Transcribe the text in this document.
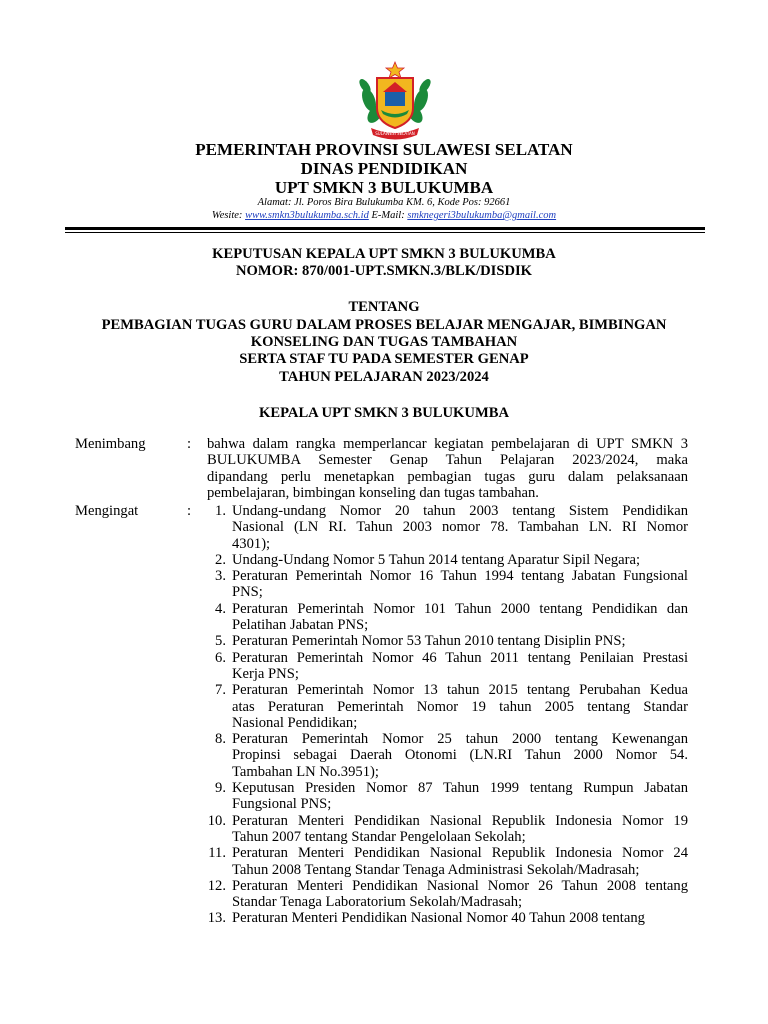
SULAWESI SELATAN
PEMERINTAH PROVINSI SULAWESI SELATAN
DINAS PENDIDIKAN
UPT SMKN 3 BULUKUMBA
Alamat: Jl. Poros Bira Bulukumba KM. 6, Kode Pos: 92661
Wesite: www.smkn3bulukumba.sch.id E-Mail: smknegeri3bulukumba@gmail.com
KEPUTUSAN KEPALA UPT SMKN 3 BULUKUMBA
NOMOR: 870/001-UPT.SMKN.3/BLK/DISDIK
TENTANG
PEMBAGIAN TUGAS GURU DALAM PROSES BELAJAR MENGAJAR, BIMBINGAN
KONSELING DAN TUGAS TAMBAHAN
SERTA STAF TU PADA SEMESTER GENAP
TAHUN PELAJARAN 2023/2024
KEPALA UPT SMKN 3 BULUKUMBA
Menimbang	: bahwa dalam rangka memperlancar kegiatan pembelajaran di UPT SMKN 3
BULUKUMBA Semester Genap Tahun Pelajaran 2023/2024, maka
dipandang perlu menetapkan pembagian tugas guru dalam pelaksanaan
pembelajaran, bimbingan konseling dan tugas tambahan.
Mengingat	:	1. Undang-undang Nomor 20 tahun 2003 tentang Sistem Pendidikan
Nasional (LN RI. Tahun 2003 nomor 78. Tambahan LN. RI Nomor
4301);
2. Undang-Undang Nomor 5 Tahun 2014 tentang Aparatur Sipil Negara;
3. Peraturan Pemerintah Nomor 16 Tahun 1994 tentang Jabatan Fungsional
PNS;
4. Peraturan Pemerintah Nomor 101 Tahun 2000 tentang Pendidikan dan
Pelatihan Jabatan PNS;
5. Peraturan Pemerintah Nomor 53 Tahun 2010 tentang Disiplin PNS;
6. Peraturan Pemerintah Nomor 46 Tahun 2011 tentang Penilaian Prestasi
Kerja PNS;
7. Peraturan Pemerintah Nomor 13 tahun 2015 tentang Perubahan Kedua
atas Peraturan Pemerintah Nomor 19 tahun 2005 tentang Standar
Nasional Pendidikan;
8. Peraturan Pemerintah Nomor 25 tahun 2000 tentang Kewenangan
Propinsi sebagai Daerah Otonomi (LN.RI Tahun 2000 Nomor 54.
Tambahan LN No.3951);
9. Keputusan Presiden Nomor 87 Tahun 1999 tentang Rumpun Jabatan
Fungsional PNS;
10. Peraturan Menteri Pendidikan Nasional Republik Indonesia Nomor 19
Tahun 2007 tentang Standar Pengelolaan Sekolah;
11. Peraturan Menteri Pendidikan Nasional Republik Indonesia Nomor 24
Tahun 2008 Tentang Standar Tenaga Administrasi Sekolah/Madrasah;
12. Peraturan Menteri Pendidikan Nasional Nomor 26 Tahun 2008 tentang
Standar Tenaga Laboratorium Sekolah/Madrasah;
13. Peraturan Menteri Pendidikan Nasional Nomor 40 Tahun 2008 tentang
